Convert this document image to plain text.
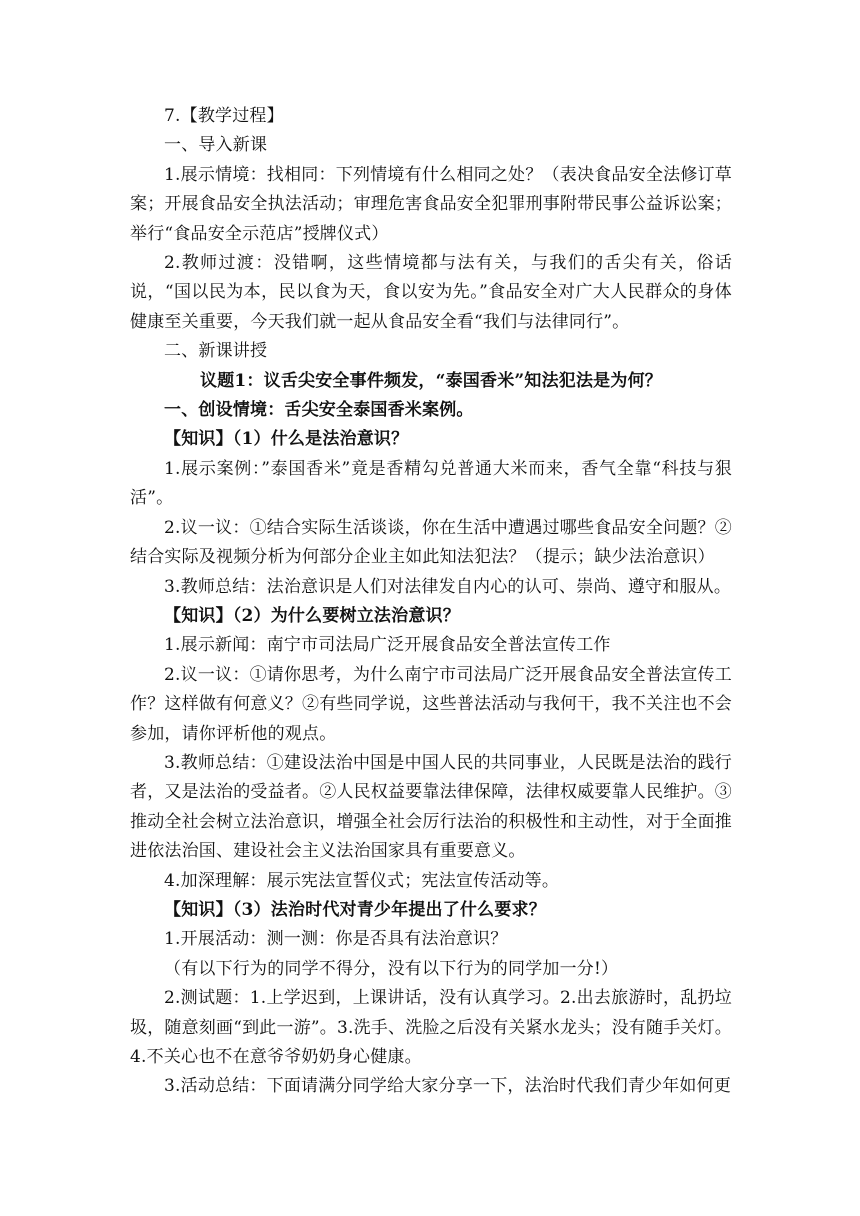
7.【教学过程】

一、导入新课

1.展示情境：找相同：下列情境有什么相同之处？（表决食品安全法修订草案；开展食品安全执法活动；审理危害食品安全犯罪刑事附带民事公益诉讼案；举行“食品安全示范店”授牌仪式）

2.教师过渡：没错啊，这些情境都与法有关，与我们的舌尖有关，俗话说，“国以民为本，民以食为天，食以安为先。”食品安全对广大人民群众的身体健康至关重要，今天我们就一起从食品安全看“我们与法律同行”。

二、新课讲授

议题1：议舌尖安全事件频发，“泰国香米”知法犯法是为何？

一、创设情境：舌尖安全泰国香米案例。

【知识】（1）什么是法治意识？

1.展示案例：”泰国香米”竟是香精勾兑普通大米而来，香气全靠“科技与狠活”。

2.议一议：①结合实际生活谈谈，你在生活中遭遇过哪些食品安全问题？②结合实际及视频分析为何部分企业主如此知法犯法？（提示；缺少法治意识）

3.教师总结：法治意识是人们对法律发自内心的认可、崇尚、遵守和服从。

【知识】（2）为什么要树立法治意识？

1.展示新闻：南宁市司法局广泛开展食品安全普法宣传工作

2.议一议：①请你思考，为什么南宁市司法局广泛开展食品安全普法宣传工作？这样做有何意义？②有些同学说，这些普法活动与我何干，我不关注也不会参加，请你评析他的观点。

3.教师总结：①建设法治中国是中国人民的共同事业，人民既是法治的践行者，又是法治的受益者。②人民权益要靠法律保障，法律权威要靠人民维护。③推动全社会树立法治意识，增强全社会厉行法治的积极性和主动性，对于全面推进依法治国、建设社会主义法治国家具有重要意义。

4.加深理解：展示宪法宣誓仪式；宪法宣传活动等。

【知识】（3）法治时代对青少年提出了什么要求？

1.开展活动：测一测：你是否具有法治意识？

（有以下行为的同学不得分，没有以下行为的同学加一分!）

2.测试题：1.上学迟到，上课讲话，没有认真学习。2.出去旅游时，乱扔垃圾，随意刻画“到此一游”。3.洗手、洗脸之后没有关紧水龙头；没有随手关灯。4.不关心也不在意爷爷奶奶身心健康。

3.活动总结：下面请满分同学给大家分享一下，法治时代我们青少年如何更
